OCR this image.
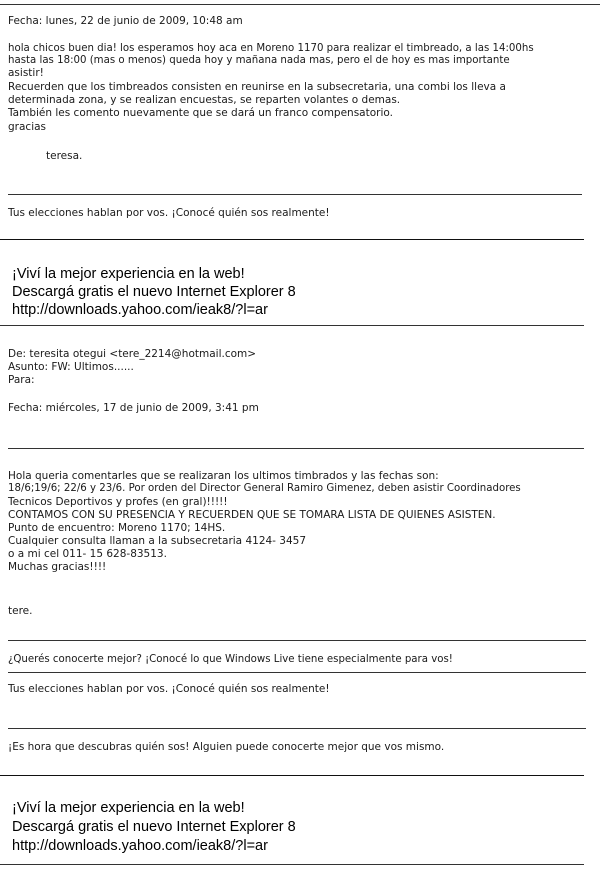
Fecha: lunes, 22 de junio de 2009, 10:48 am
hola chicos buen dia! los esperamos hoy aca en Moreno 1170 para realizar el timbreado, a las 14:00hs
hasta las 18:00 (mas o menos) queda hoy y mañana nada mas, pero el de hoy es mas importante
asistir!
Recuerden que los timbreados consisten en reunirse en la subsecretaria, una combi los lleva a
determinada zona, y se realizan encuestas, se reparten volantes o demas.
También les comento nuevamente que se dará un franco compensatorio.
gracias
teresa.
Tus elecciones hablan por vos. ¡Conocé quién sos realmente!
¡Viví la mejor experiencia en la web!
Descargá gratis el nuevo Internet Explorer 8
http://downloads.yahoo.com/ieak8/?l=ar
De: teresita otegui <tere_2214@hotmail.com>
Asunto: FW: Ultimos......
Para:
Fecha: miércoles, 17 de junio de 2009, 3:41 pm
Hola queria comentarles que se realizaran los ultimos timbrados y las fechas son:
18/6;19/6; 22/6 y 23/6. Por orden del Director General Ramiro Gimenez, deben asistir Coordinadores
Tecnicos Deportivos y profes (en gral)!!!!!
CONTAMOS CON SU PRESENCIA Y RECUERDEN QUE SE TOMARA LISTA DE QUIENES ASISTEN.
Punto de encuentro: Moreno 1170; 14HS.
Cualquier consulta llaman a la subsecretaria 4124- 3457
o a mi cel 011- 15 628-83513.
Muchas gracias!!!!
tere.
¿Querés conocerte mejor? ¡Conocé lo que Windows Live tiene especialmente para vos!
Tus elecciones hablan por vos. ¡Conocé quién sos realmente!
¡Es hora que descubras quién sos! Alguien puede conocerte mejor que vos mismo.
¡Viví la mejor experiencia en la web!
Descargá gratis el nuevo Internet Explorer 8
http://downloads.yahoo.com/ieak8/?l=ar
